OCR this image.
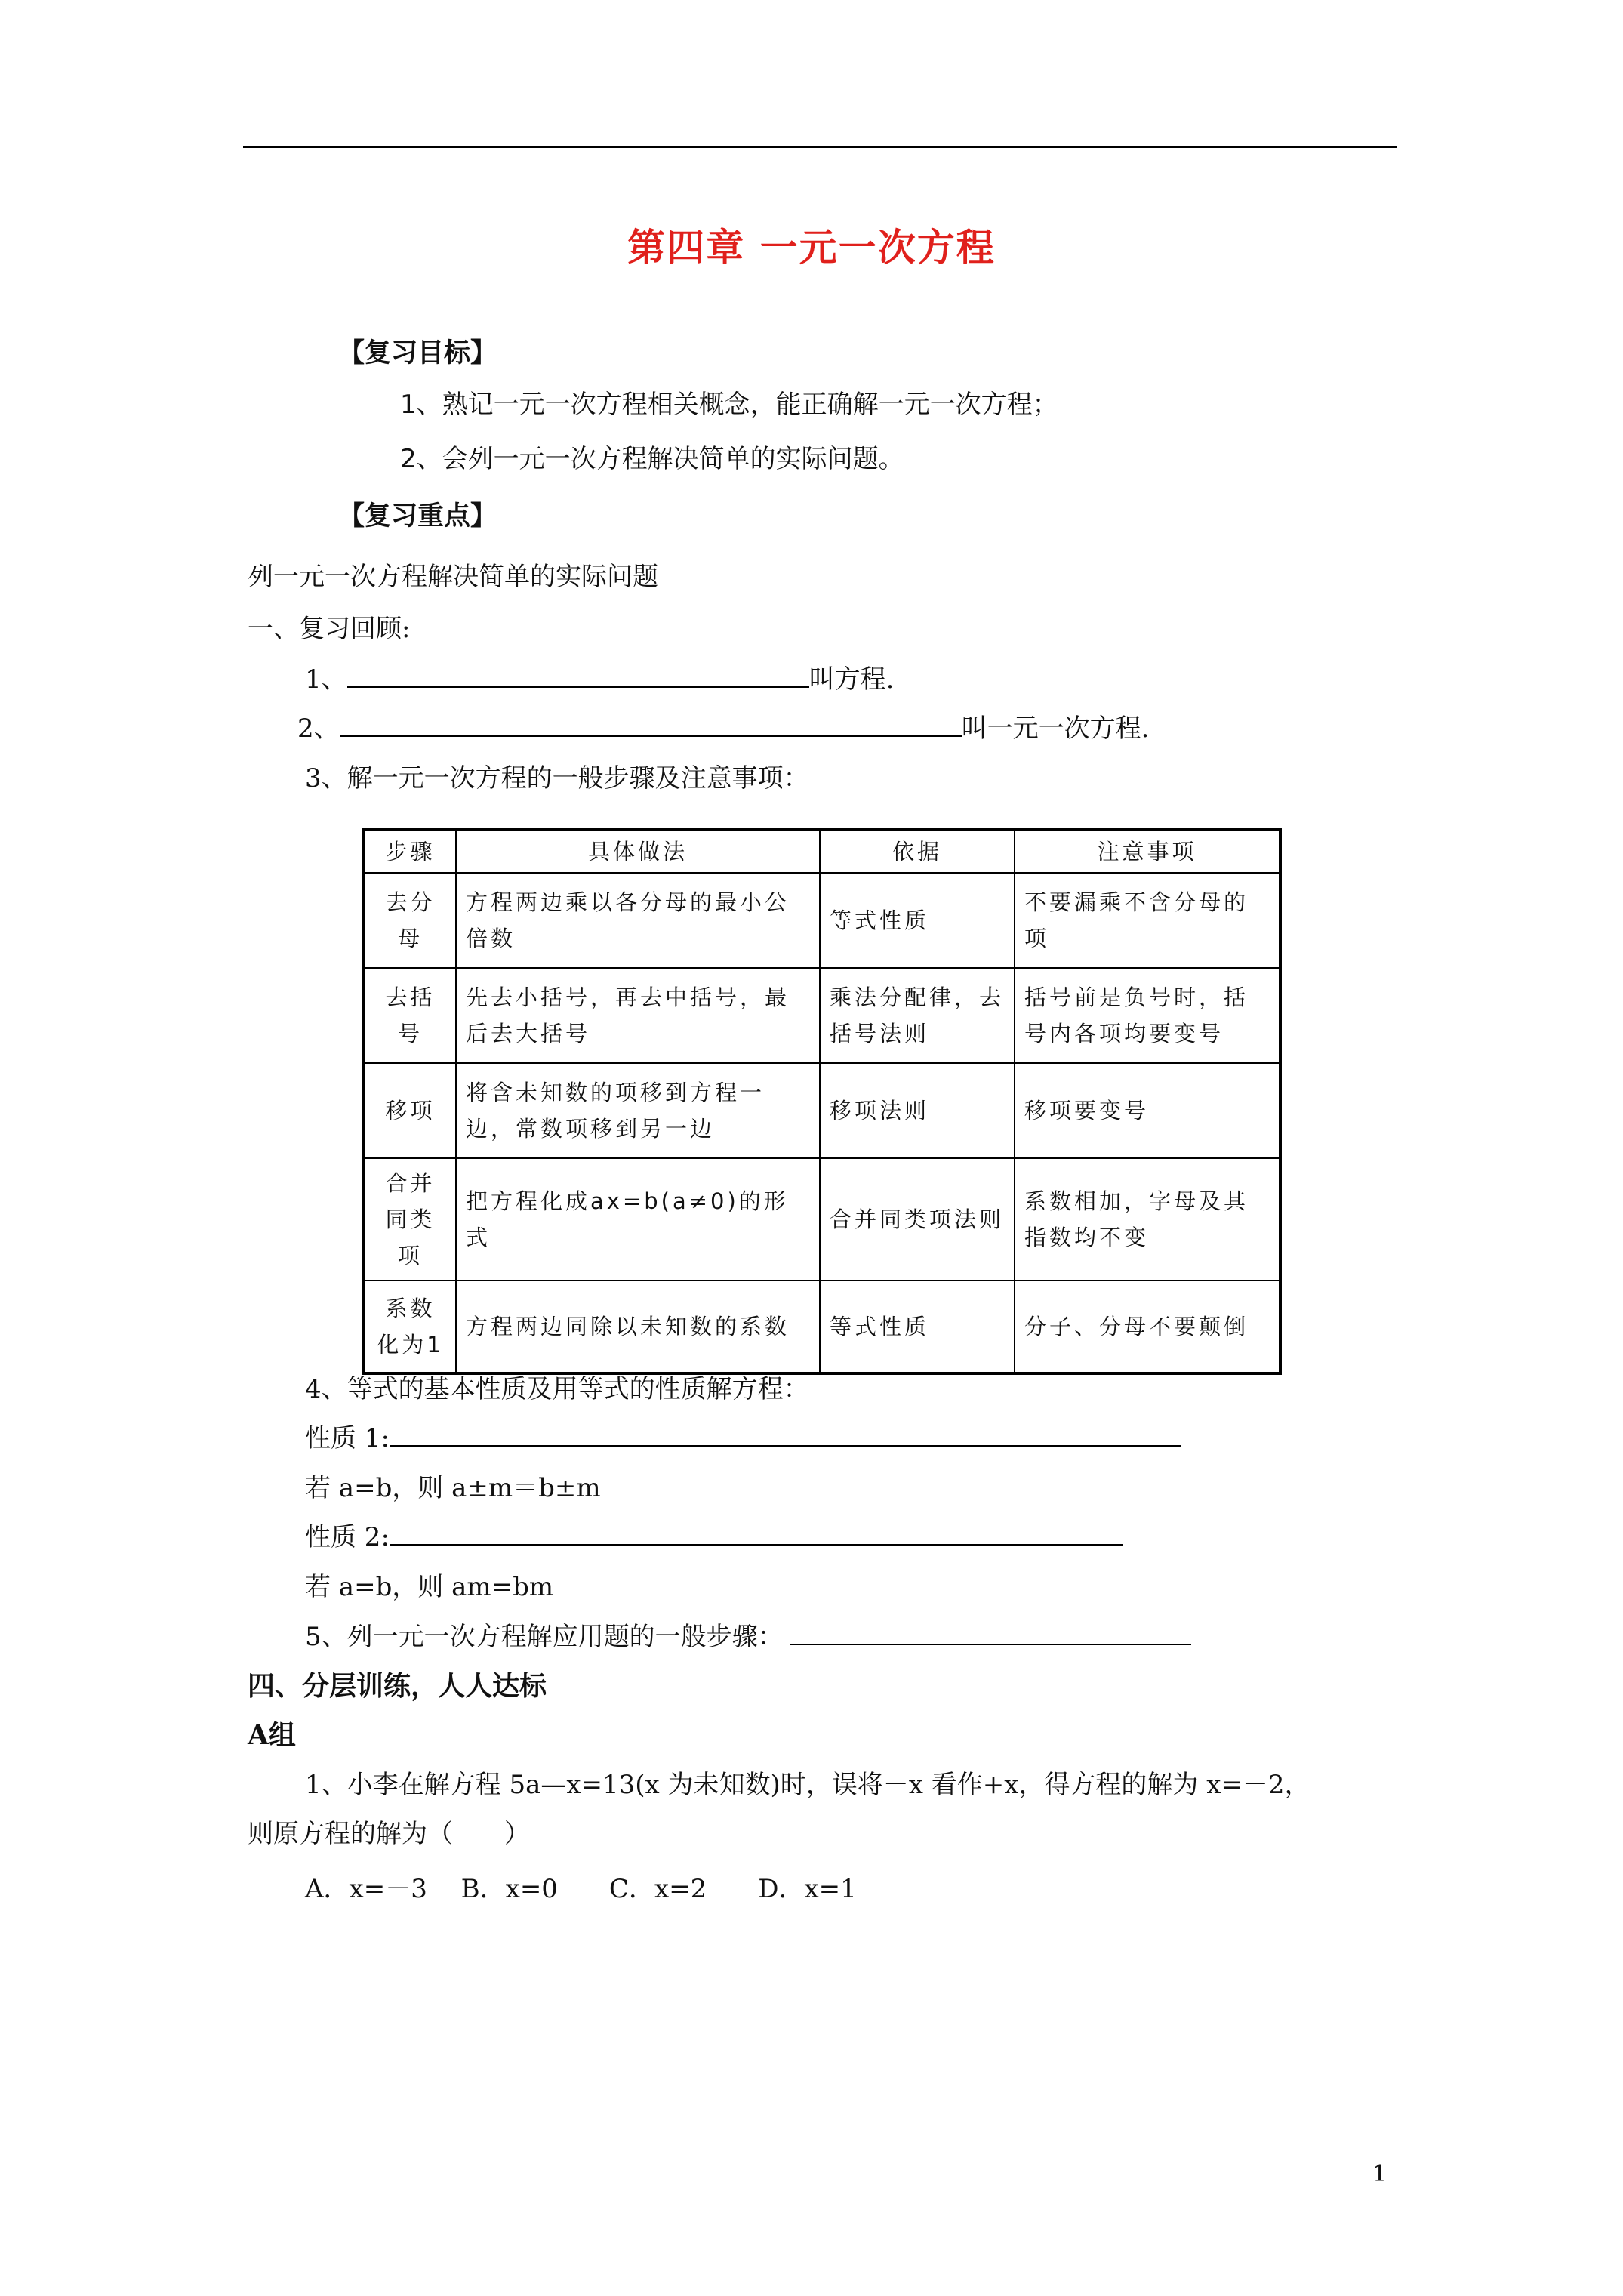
第四章 一元一次方程
【复习目标】
1、熟记一元一次方程相关概念，能正确解一元一次方程；
2、会列一元一次方程解决简单的实际问题。
【复习重点】
列一元一次方程解决简单的实际问题
一、复习回顾:
1、	叫方程.
2、	叫一元一次方程.
3、解一元一次方程的一般步骤及注意事项：
步骤	具体做法	依据	注意事项
去分母	方程两边乘以各分母的最小公倍数	等式性质	不要漏乘不含分母的项
去括号	先去小括号，再去中括号，最后去大括号	乘法分配律，去括号法则	括号前是负号时，括号内各项均要变号
移项	将含未知数的项移到方程一边，常数项移到另一边	移项法则	移项要变号
合并同类项	把方程化成ax=b(a≠0)的形式	合并同类项法则	系数相加，字母及其指数均不变
系数化为1	方程两边同除以未知数的系数	等式性质	分子、分母不要颠倒
4、等式的基本性质及用等式的性质解方程：
性质 1:
若 a=b，则 a±m＝b±m
性质 2:
若 a=b，则 am=bm
5、列一元一次方程解应用题的一般步骤：
四、分层训练，人人达标
A组
1、小李在解方程 5a—x=13(x 为未知数)时，误将－x 看作+x，得方程的解为 x=－2，
则原方程的解为（　　）
A．x=－3　 B．x=0　　C．x=2　　D．x=1
1
